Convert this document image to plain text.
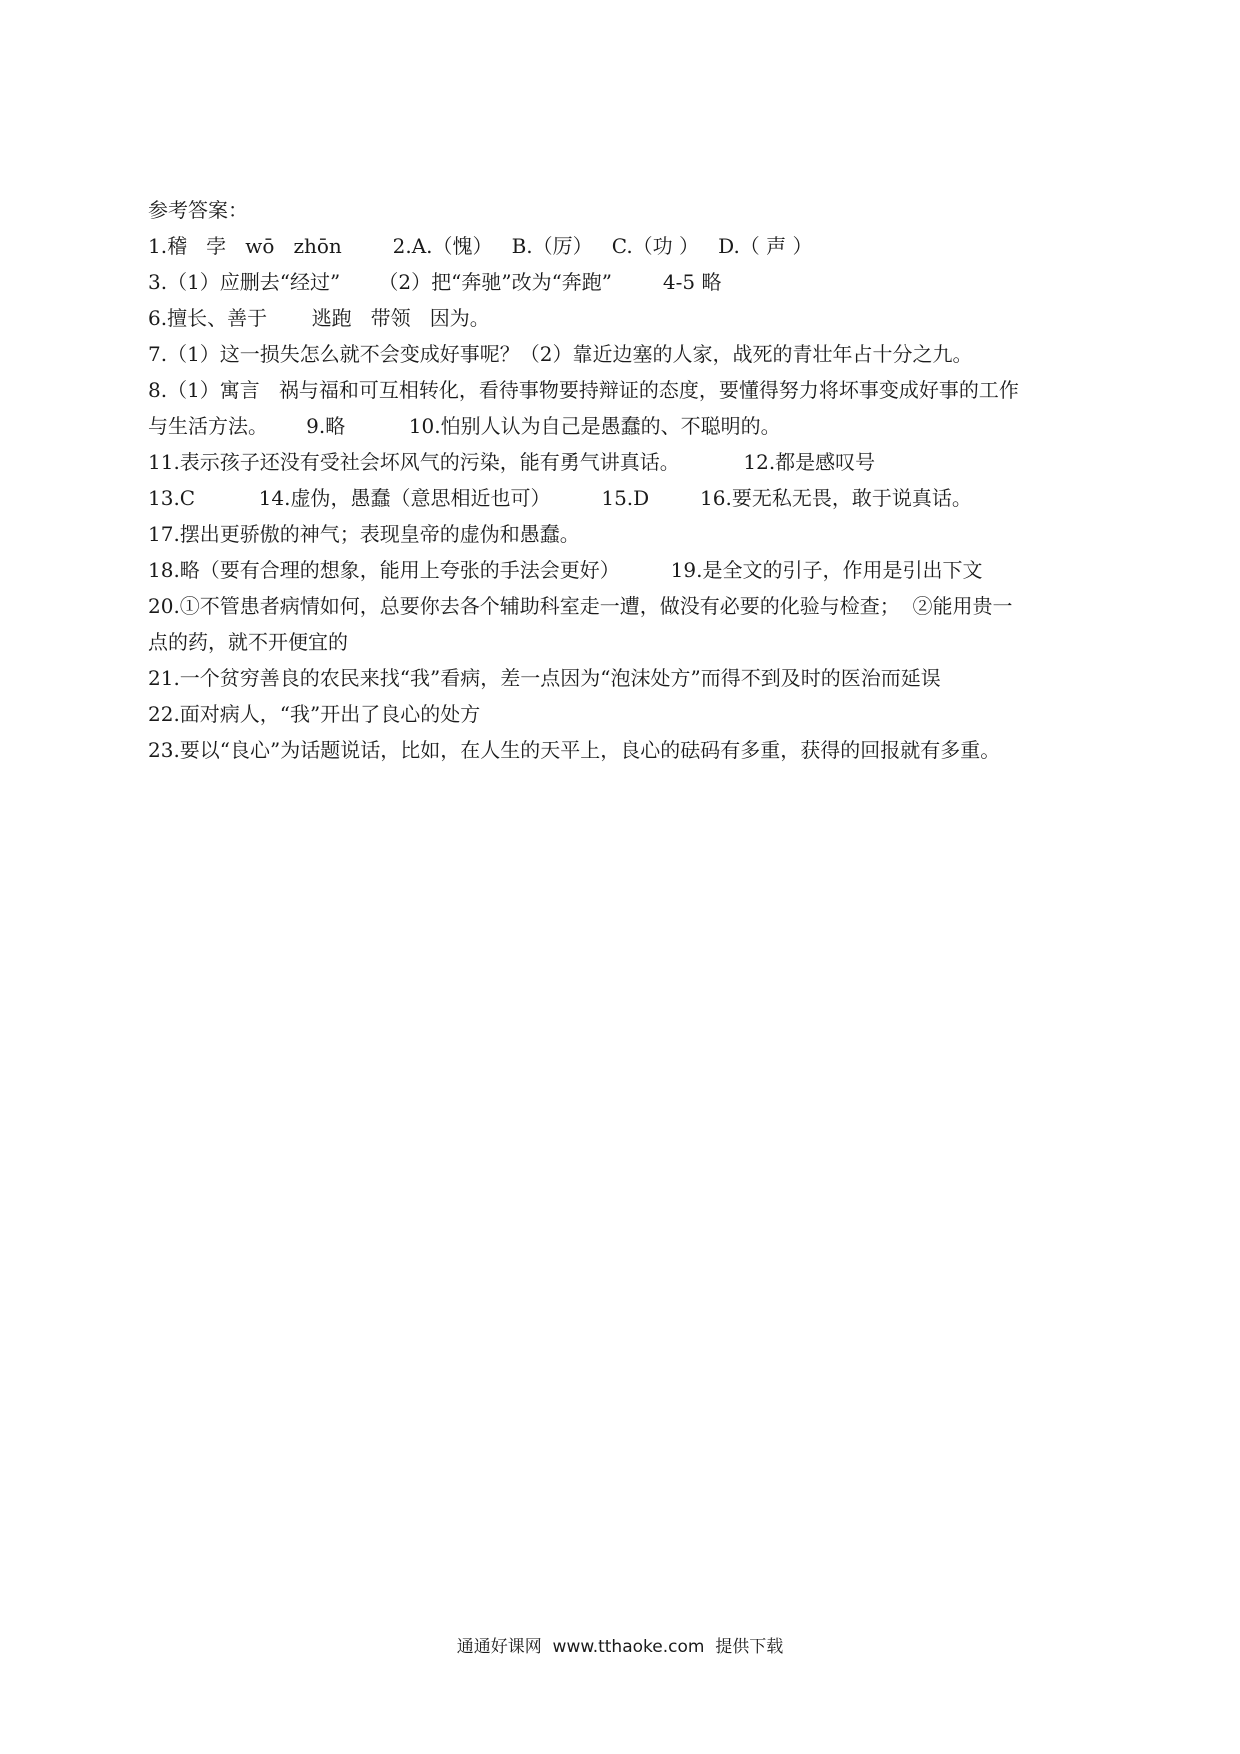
参考答案：
1.稽   孛   wō   zhōn        2.A.（愧）   B.（厉）   C.（功 ）   D.（ 声 ）
3.（1）应删去“经过”      （2）把“奔驰”改为“奔跑”        4-5 略
6.擅长、善于       逃跑   带领   因为。
7.（1）这一损失怎么就不会变成好事呢？（2）靠近边塞的人家，战死的青壮年占十分之九。
8.（1）寓言   祸与福和可互相转化，看待事物要持辩证的态度，要懂得努力将坏事变成好事的工作
与生活方法。      9.略          10.怕别人认为自己是愚蠢的、不聪明的。
11.表示孩子还没有受社会坏风气的污染，能有勇气讲真话。          12.都是感叹号
13.C          14.虚伪，愚蠢（意思相近也可）        15.D        16.要无私无畏，敢于说真话。
17.摆出更骄傲的神气；表现皇帝的虚伪和愚蠢。
18.略（要有合理的想象，能用上夸张的手法会更好）        19.是全文的引子，作用是引出下文
20.①不管患者病情如何，总要你去各个辅助科室走一遭，做没有必要的化验与检查；  ②能用贵一
点的药，就不开便宜的
21.一个贫穷善良的农民来找“我”看病，差一点因为“泡沫处方”而得不到及时的医治而延误
22.面对病人，“我”开出了良心的处方
23.要以“良心”为话题说话，比如，在人生的天平上，良心的砝码有多重，获得的回报就有多重。
通通好课网  www.tthaoke.com  提供下载
